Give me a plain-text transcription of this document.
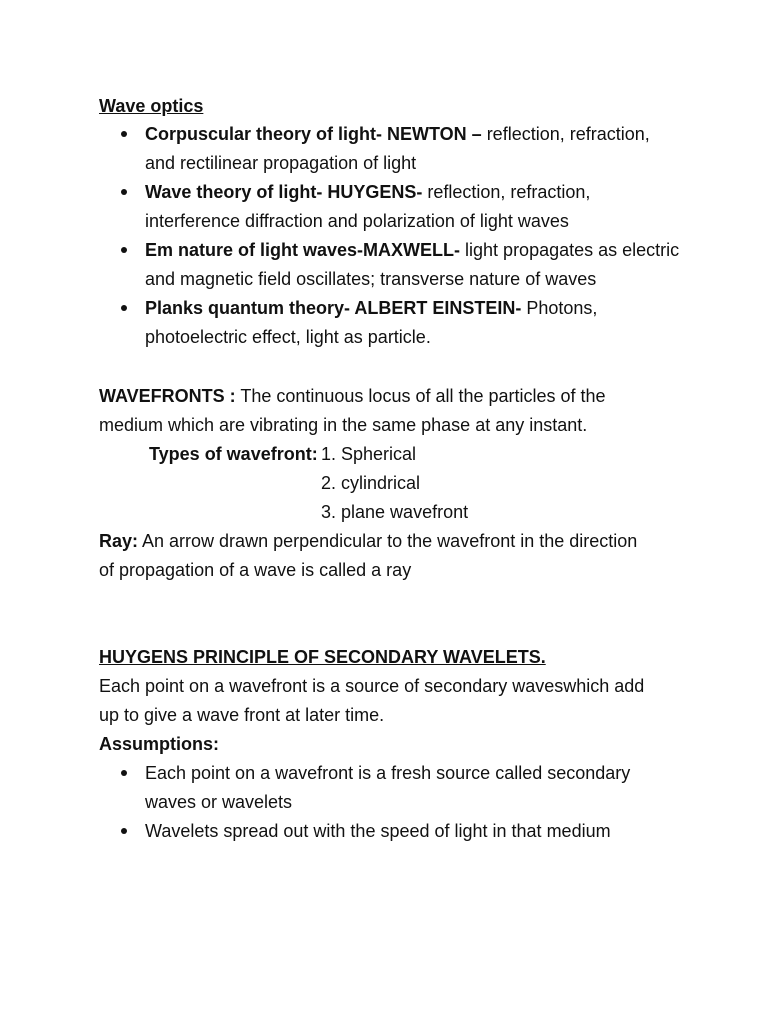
Wave optics
Corpuscular theory of light- NEWTON – reflection, refraction,
and rectilinear propagation of light
Wave theory of light- HUYGENS- reflection, refraction,
interference diffraction and polarization of light waves
Em nature of light waves-MAXWELL- light propagates as electric
and magnetic field oscillates; transverse nature of waves
Planks quantum theory- ALBERT EINSTEIN- Photons,
photoelectric effect, light as particle.
WAVEFRONTS : The continuous locus of all the particles of the
medium which are vibrating in the same phase at any instant.
Types of wavefront: 1. Spherical
2. cylindrical
3. plane wavefront
Ray: An arrow drawn perpendicular to the wavefront in the direction
of propagation of a wave is called a ray
HUYGENS PRINCIPLE OF SECONDARY WAVELETS.
Each point on a wavefront is a source of secondary waveswhich add
up to give a wave front at later time.
Assumptions:
Each point on a wavefront is a fresh source called secondary
waves or wavelets
Wavelets spread out with the speed of light in that medium
